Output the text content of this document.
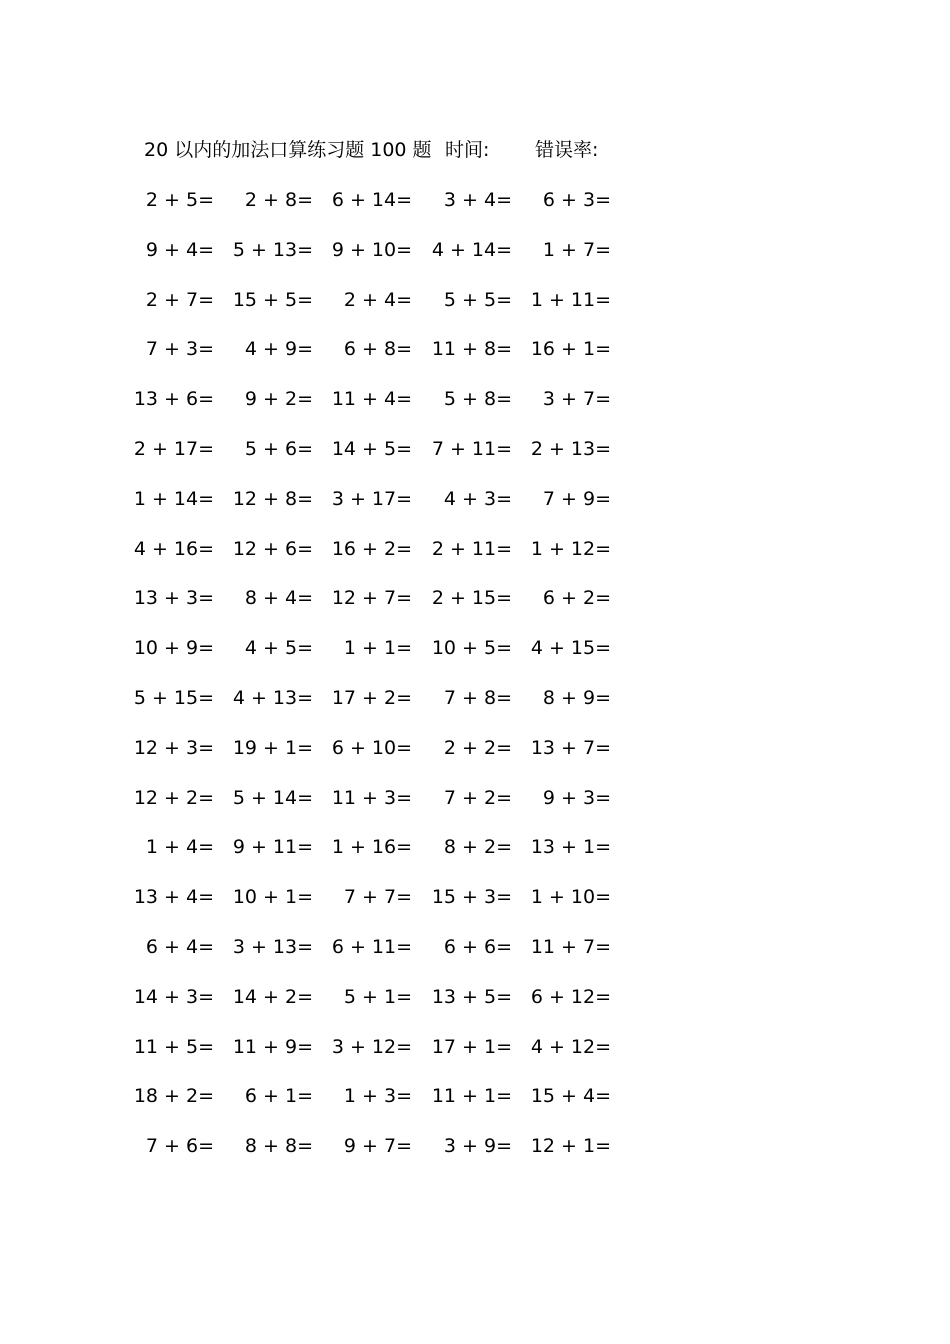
20 以内的加法口算练习题 100 题 时间: 错误率:
2 + 5=	2 + 8= 6 + 14=	3 + 4=	6 + 3=
9 + 4= 5 + 13= 9 + 10=	4 + 14=	1 + 7=
2 + 7= 15 + 5=	2 + 4=	5 + 5= 1 + 11=
7 + 3=	4 + 9=	6 + 8=	11 + 8= 16 + 1=
13 + 6=	9 + 2= 11 + 4=	5 + 8=	3 + 7=
2 + 17=	5 + 6= 14 + 5=	7 + 11= 2 + 13=
1 + 14= 12 + 8= 3 + 17=	4 + 3=	7 + 9=
4 + 16= 12 + 6= 16 + 2=	2 + 11= 1 + 12=
13 + 3=	8 + 4= 12 + 7=	2 + 15=	6 + 2=
10 + 9=	4 + 5=	1 + 1=	10 + 5= 4 + 15=
5 + 15= 4 + 13= 17 + 2=	7 + 8=	8 + 9=
12 + 3= 19 + 1= 6 + 10=	2 + 2= 13 + 7=
12 + 2= 5 + 14= 11 + 3=	7 + 2=	9 + 3=
1 + 4= 9 + 11= 1 + 16=	8 + 2= 13 + 1=
13 + 4= 10 + 1=	7 + 7=	15 + 3= 1 + 10=
6 + 4= 3 + 13= 6 + 11=	6 + 6= 11 + 7=
14 + 3= 14 + 2=	5 + 1=	13 + 5= 6 + 12=
11 + 5= 11 + 9= 3 + 12=	17 + 1= 4 + 12=
18 + 2=	6 + 1=	1 + 3=	11 + 1= 15 + 4=
7 + 6=	8 + 8=	9 + 7=	3 + 9= 12 + 1=
